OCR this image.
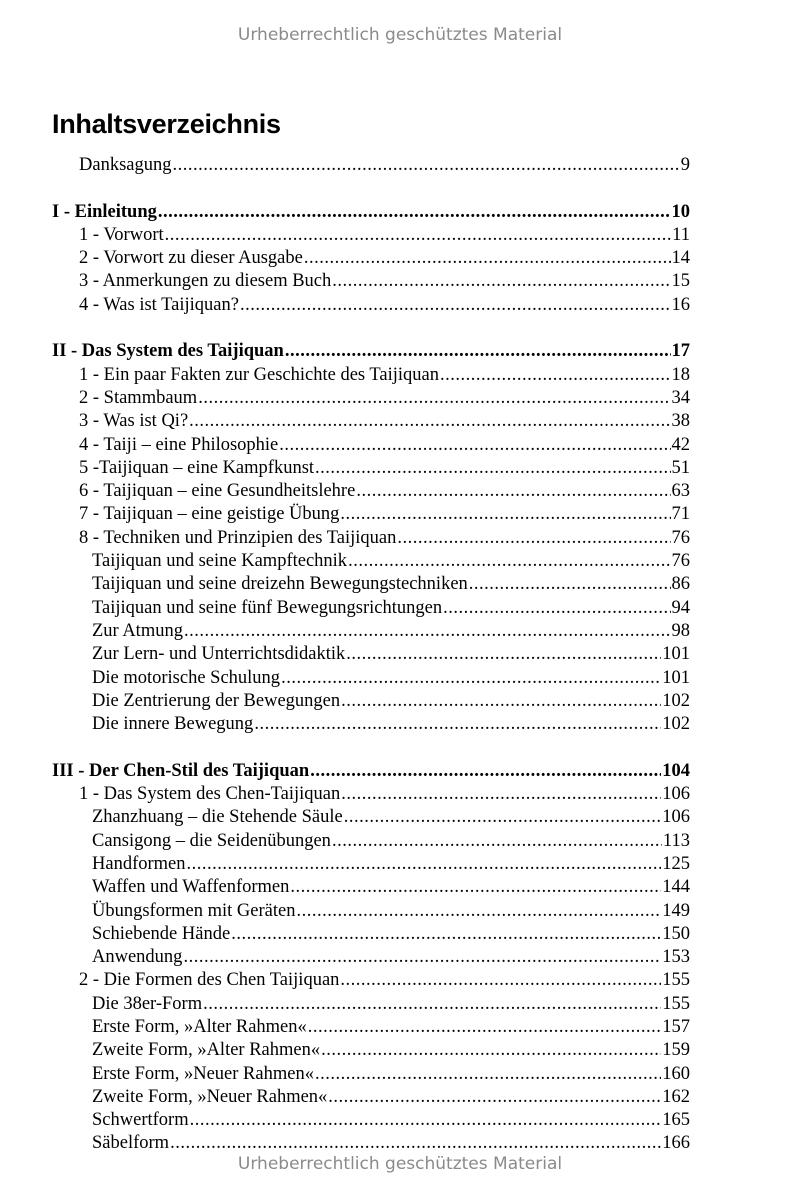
Urheberrechtlich geschütztes Material
Inhaltsverzeichnis
Danksagung .....	9
I - Einleitung .....	10
1 - Vorwort .....	11
2 - Vorwort zu dieser Ausgabe .....	14
3 - Anmerkungen zu diesem Buch .....	15
4 - Was ist Taijiquan? .....	16
II - Das System des Taijiquan .....	17
1 - Ein paar Fakten zur Geschichte des Taijiquan .....	18
2 - Stammbaum .....	34
3 - Was ist Qi? .....	38
4 - Taiji – eine Philosophie .....	42
5 -Taijiquan – eine Kampfkunst .....	51
6 - Taijiquan – eine Gesundheitslehre .....	63
7 - Taijiquan – eine geistige Übung .....	71
8 - Techniken und Prinzipien des Taijiquan .....	76
Taijiquan und seine Kampftechnik .....	76
Taijiquan und seine dreizehn Bewegungstechniken .....	86
Taijiquan und seine fünf Bewegungsrichtungen .....	94
Zur Atmung .....	98
Zur Lern- und Unterrichtsdidaktik .....	101
Die motorische Schulung .....	101
Die Zentrierung der Bewegungen .....	102
Die innere Bewegung .....	102
III - Der Chen-Stil des Taijiquan .....	104
1 - Das System des Chen-Taijiquan .....	106
Zhanzhuang – die Stehende Säule .....	106
Cansigong – die Seidenübungen .....	113
Handformen .....	125
Waffen und Waffenformen .....	144
Übungsformen mit Geräten .....	149
Schiebende Hände .....	150
Anwendung .....	153
2 - Die Formen des Chen Taijiquan .....	155
Die 38er-Form .....	155
Erste Form, »Alter Rahmen« .....	157
Zweite Form, »Alter Rahmen« .....	159
Erste Form, »Neuer Rahmen« .....	160
Zweite Form, »Neuer Rahmen« .....	162
Schwertform .....	165
Säbelform .....	166
Urheberrechtlich geschütztes Material
